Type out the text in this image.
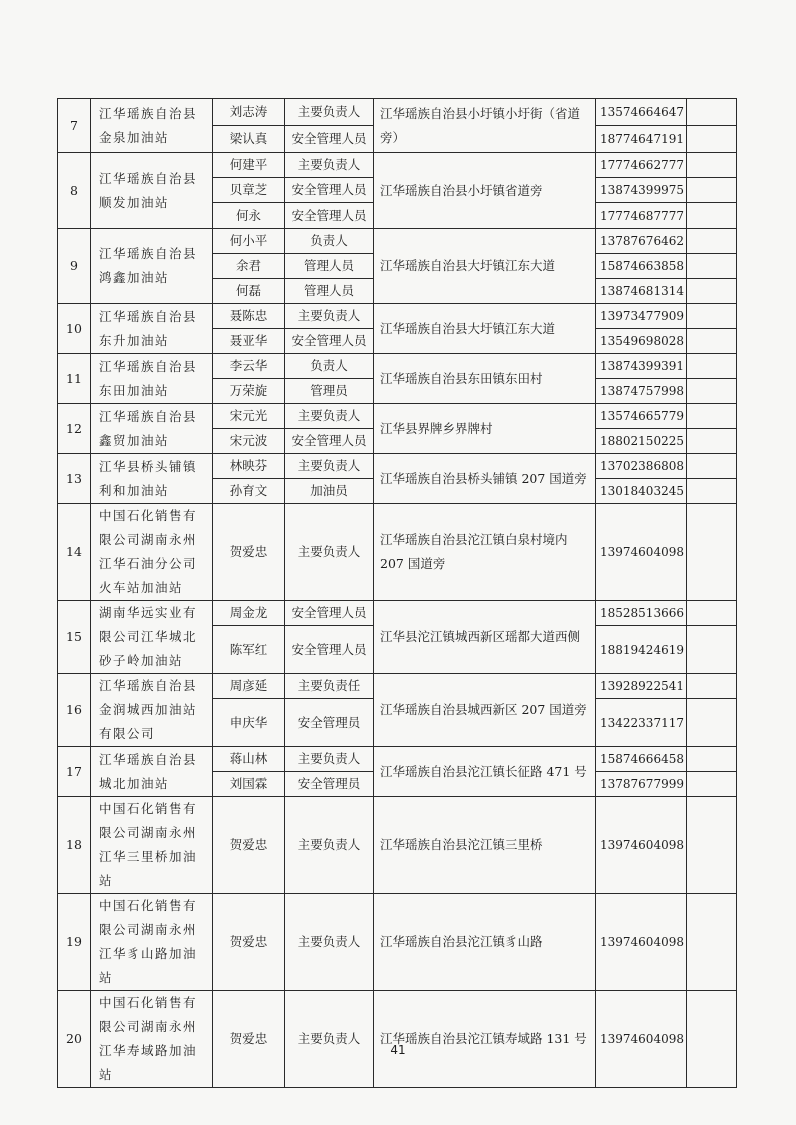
7	江华瑶族自治县金泉加油站	刘志涛	主要负责人	江华瑶族自治县小圩镇小圩街（省道旁）	13574664647	
		梁认真	安全管理人员		18774647191	
8	江华瑶族自治县顺发加油站	何建平	主要负责人	江华瑶族自治县小圩镇省道旁	17774662777	
		贝章芝	安全管理人员		13874399975	
		何永	安全管理人员		17774687777	
9	江华瑶族自治县鸿鑫加油站	何小平	负责人	江华瑶族自治县大圩镇江东大道	13787676462	
		余君	管理人员		15874663858	
		何磊	管理人员		13874681314	
10	江华瑶族自治县东升加油站	聂陈忠	主要负责人	江华瑶族自治县大圩镇江东大道	13973477909	
		聂亚华	安全管理人员		13549698028	
11	江华瑶族自治县东田加油站	李云华	负责人	江华瑶族自治县东田镇东田村	13874399391	
		万荣旋	管理员		13874757998	
12	江华瑶族自治县鑫贸加油站	宋元光	主要负责人	江华县界牌乡界牌村	13574665779	
		宋元波	安全管理人员		18802150225	
13	江华县桥头铺镇利和加油站	林映芬	主要负责人	江华瑶族自治县桥头铺镇 207 国道旁	13702386808	
		孙育文	加油员		13018403245	
14	中国石化销售有限公司湖南永州江华石油分公司火车站加油站	贺爱忠	主要负责人	江华瑶族自治县沱江镇白泉村境内 207 国道旁	13974604098	
15	湖南华远实业有限公司江华城北砂子岭加油站	周金龙	安全管理人员	江华县沱江镇城西新区瑶都大道西侧	18528513666	
		陈军红	安全管理人员		18819424619	
16	江华瑶族自治县金润城西加油站有限公司	周彦延	主要负责任	江华瑶族自治县城西新区 207 国道旁	13928922541	
		申庆华	安全管理员		13422337117	
17	江华瑶族自治县城北加油站	蒋山林	主要负责人	江华瑶族自治县沱江镇长征路 471 号	15874666458	
		刘国霖	安全管理员		13787677999	
18	中国石化销售有限公司湖南永州江华三里桥加油站	贺爱忠	主要负责人	江华瑶族自治县沱江镇三里桥	13974604098	
19	中国石化销售有限公司湖南永州江华豸山路加油站	贺爱忠	主要负责人	江华瑶族自治县沱江镇豸山路	13974604098	
20	中国石化销售有限公司湖南永州江华寿域路加油站	贺爱忠	主要负责人	江华瑶族自治县沱江镇寿域路 131 号	13974604098	
41
